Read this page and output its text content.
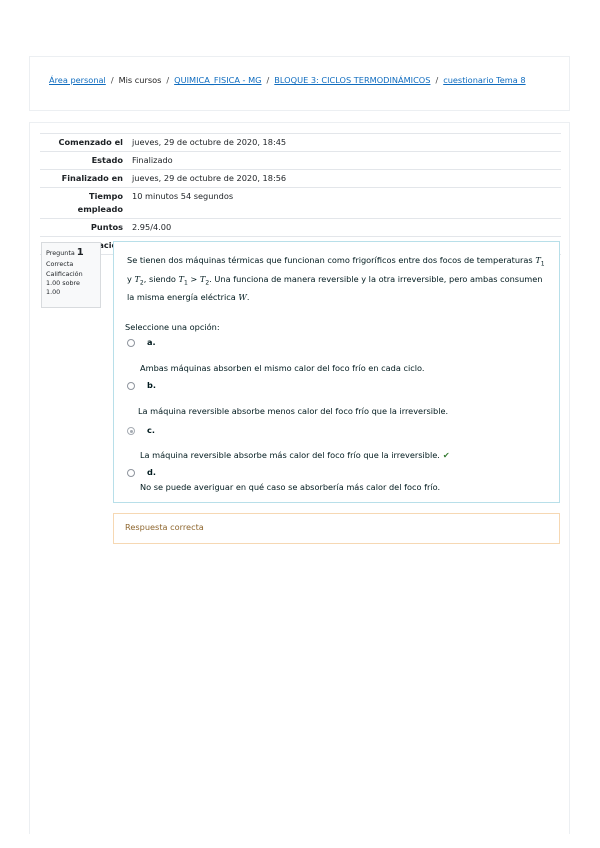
Área personal / Mis cursos / QUIMICA_FISICA - MG / BLOQUE 3: CICLOS TERMODINÁMICOS / cuestionario Tema 8
Comenzado el	jueves, 29 de octubre de 2020, 18:45
Estado	Finalizado
Finalizado en	jueves, 29 de octubre de 2020, 18:56
Tiempo empleado	10 minutos 54 segundos
Puntos	2.95/4.00

Pregunta 1
Correcta
Calificación 1.00 sobre 1.00
Se tienen dos máquinas térmicas que funcionan como frigoríficos entre dos focos de temperaturas $T_1$ y $T_2$, siendo $T_1 > T_2$. Una funciona de manera reversible y la otra irreversible, pero ambas consumen la misma energía eléctrica W.
Seleccione una opción:
a.
Ambas máquinas absorben el mismo calor del foco frío en cada ciclo.
b.
La máquina reversible absorbe menos calor del foco frío que la irreversible.
c.
La máquina reversible absorbe más calor del foco frío que la irreversible. ✔
d.
No se puede averiguar en qué caso se absorbería más calor del foco frío.
Respuesta correcta
